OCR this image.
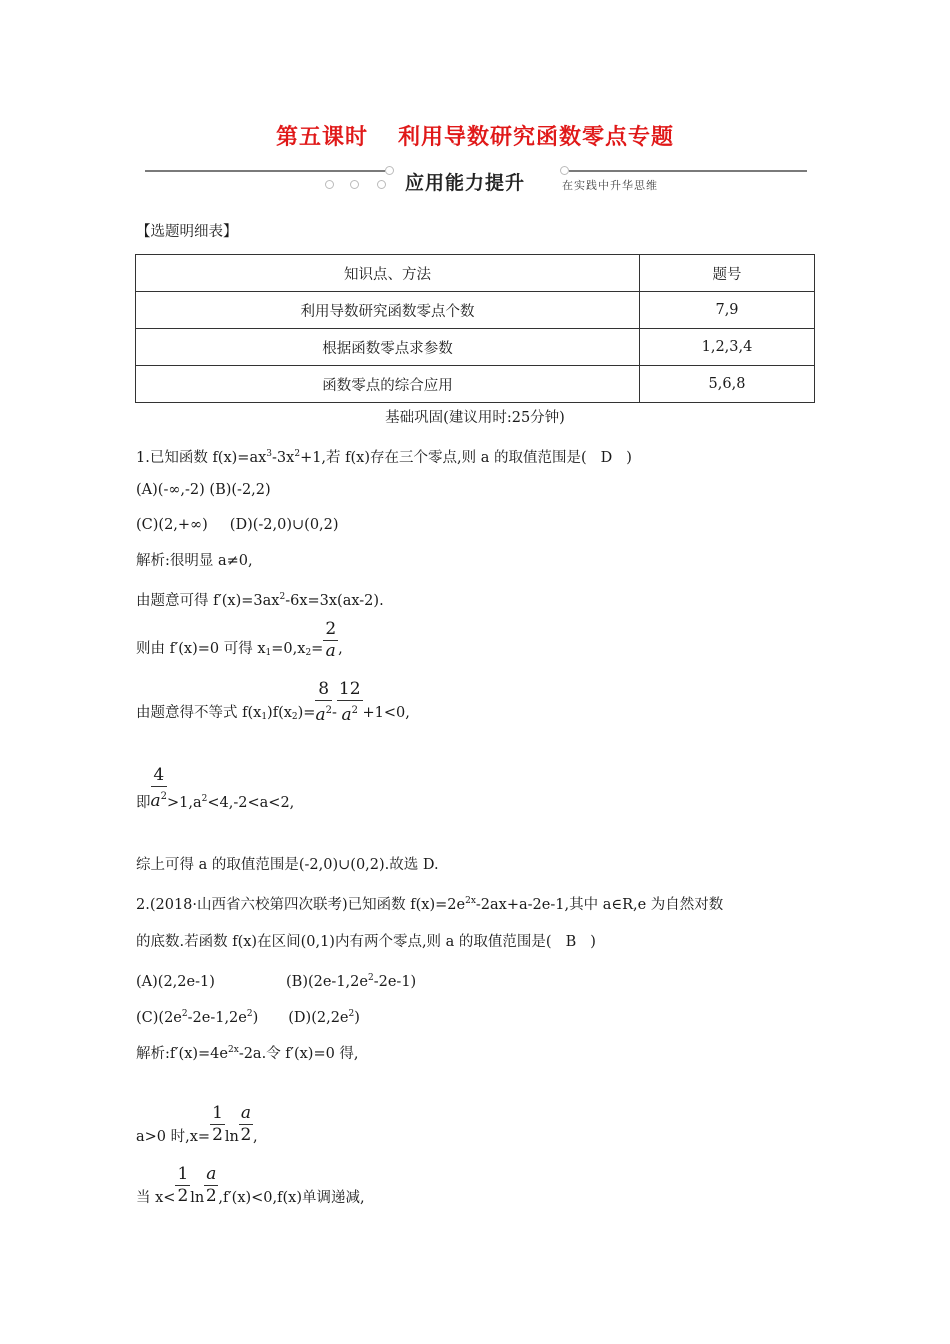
第五课时 利用导数研究函数零点专题
应用能力提升	在实践中升华思维
【选题明细表】
知识点、方法	题号
利用导数研究函数零点个数	7,9
根据函数零点求参数	1,2,3,4
函数零点的综合应用	5,6,8
基础巩固(建议用时:25分钟)
1.已知函数 $f(x)=ax^3-3x^2+1$,若 f(x)存在三个零点,则 a 的取值范围是( D )
(A)(-∞,-2) (B)(-2,2)
(C)(2,+∞) (D)(-2,0)∪(0,2)
解析:很明显 a≠0,
由题意可得 $f'(x)=3ax^2-6x=3x(ax-2)$.
则由 f′(x)=0 可得 $x_1=0,x_2= \frac{2}{a}$ ,
由题意得不等式 $f(x_1)f(x_2)= \frac{8}{a^2} - \frac{12}{a^2} +1<0$,
即 $\frac{4}{a^2} >1,a^2<4,-2<a<2$,
综上可得 a 的取值范围是(-2,0)∪(0,2).故选 D.
2.(2018·山西省六校第四次联考)已知函数 $f(x)=2e^{2x}-2ax+a-2e-1$,其中 a∈R,e 为自然对数
的底数.若函数 f(x)在区间(0,1)内有两个零点,则 a 的取值范围是( B )
(A)(2,2e-1)	$(B)(2e-1,2e^2-2e-1)$
$(C)(2e^2-2e-1,2e^2)$ $(D)(2,2e^2)$
解析$:f'(x)=4e^{2x}-2a$.令 f′(x)=0 得,
a>0 时$,x= \frac{1}{2}$ $\ln \frac{a}{2}$ ,
当 $x< \frac{1}{2}$ $\ln \frac{a}{2} ,f'(x)<0,f(x)$单调递减,
